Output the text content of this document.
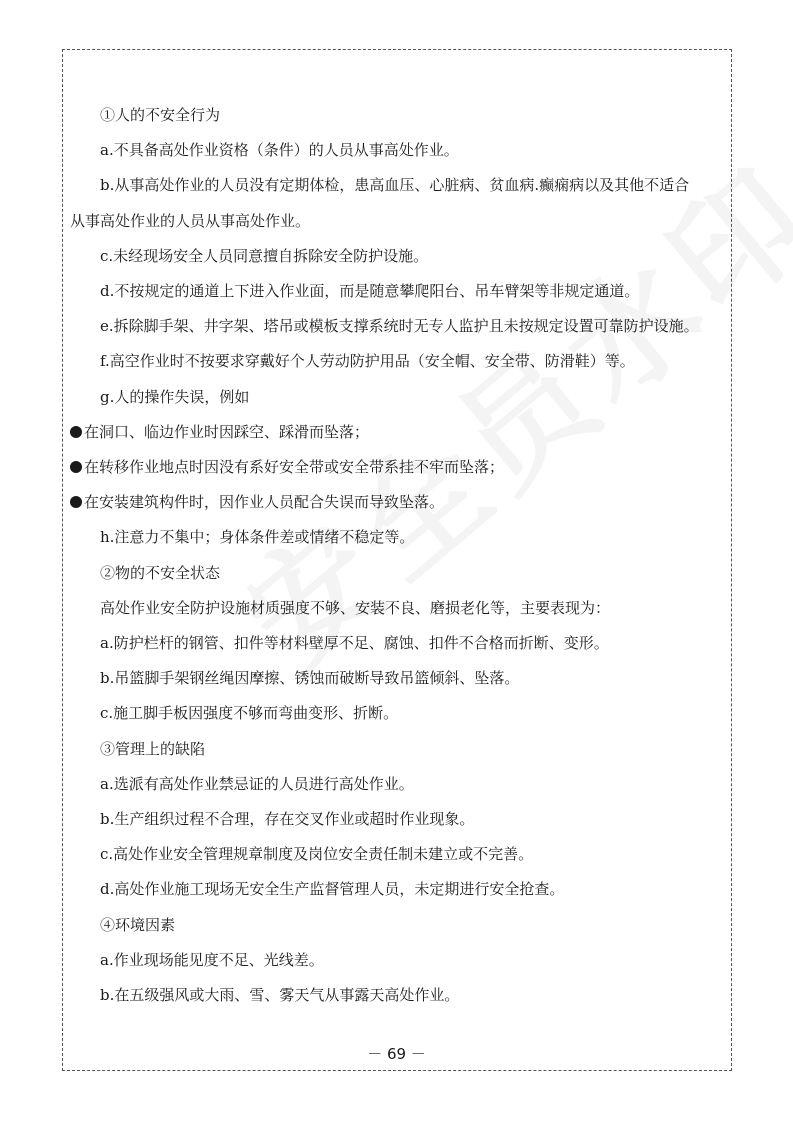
①人的不安全行为

a.不具备高处作业资格（条件）的人员从事高处作业。

b.从事高处作业的人员没有定期体检，患高血压、心脏病、贫血病.癫痫病以及其他不适合从事高处作业的人员从事高处作业。

c.未经现场安全人员同意擅自拆除安全防护设施。

d.不按规定的通道上下进入作业面，而是随意攀爬阳台、吊车臂架等非规定通道。

e.拆除脚手架、井字架、塔吊或模板支撑系统时无专人监护且未按规定设置可靠防护设施。

f.高空作业时不按要求穿戴好个人劳动防护用品（安全帽、安全带、防滑鞋）等。

g.人的操作失误，例如

在洞口、临边作业时因踩空、踩滑而坠落；

在转移作业地点时因没有系好安全带或安全带系挂不牢而坠落；

在安装建筑构件时，因作业人员配合失误而导致坠落。

h.注意力不集中；身体条件差或情绪不稳定等。

②物的不安全状态

高处作业安全防护设施材质强度不够、安装不良、磨损老化等，主要表现为：

a.防护栏杆的钢管、扣件等材料壁厚不足、腐蚀、扣件不合格而折断、变形。

b.吊篮脚手架钢丝绳因摩擦、锈蚀而破断导致吊篮倾斜、坠落。

c.施工脚手板因强度不够而弯曲变形、折断。

③管理上的缺陷

a.选派有高处作业禁忌证的人员进行高处作业。

b.生产组织过程不合理，存在交叉作业或超时作业现象。

c.高处作业安全管理规章制度及岗位安全责任制未建立或不完善。

d.高处作业施工现场无安全生产监督管理人员，未定期进行安全抢查。

④环境因素

a.作业现场能见度不足、光线差。

b.在五级强风或大雨、雪、雾天气从事露天高处作业。

－ 69 －
